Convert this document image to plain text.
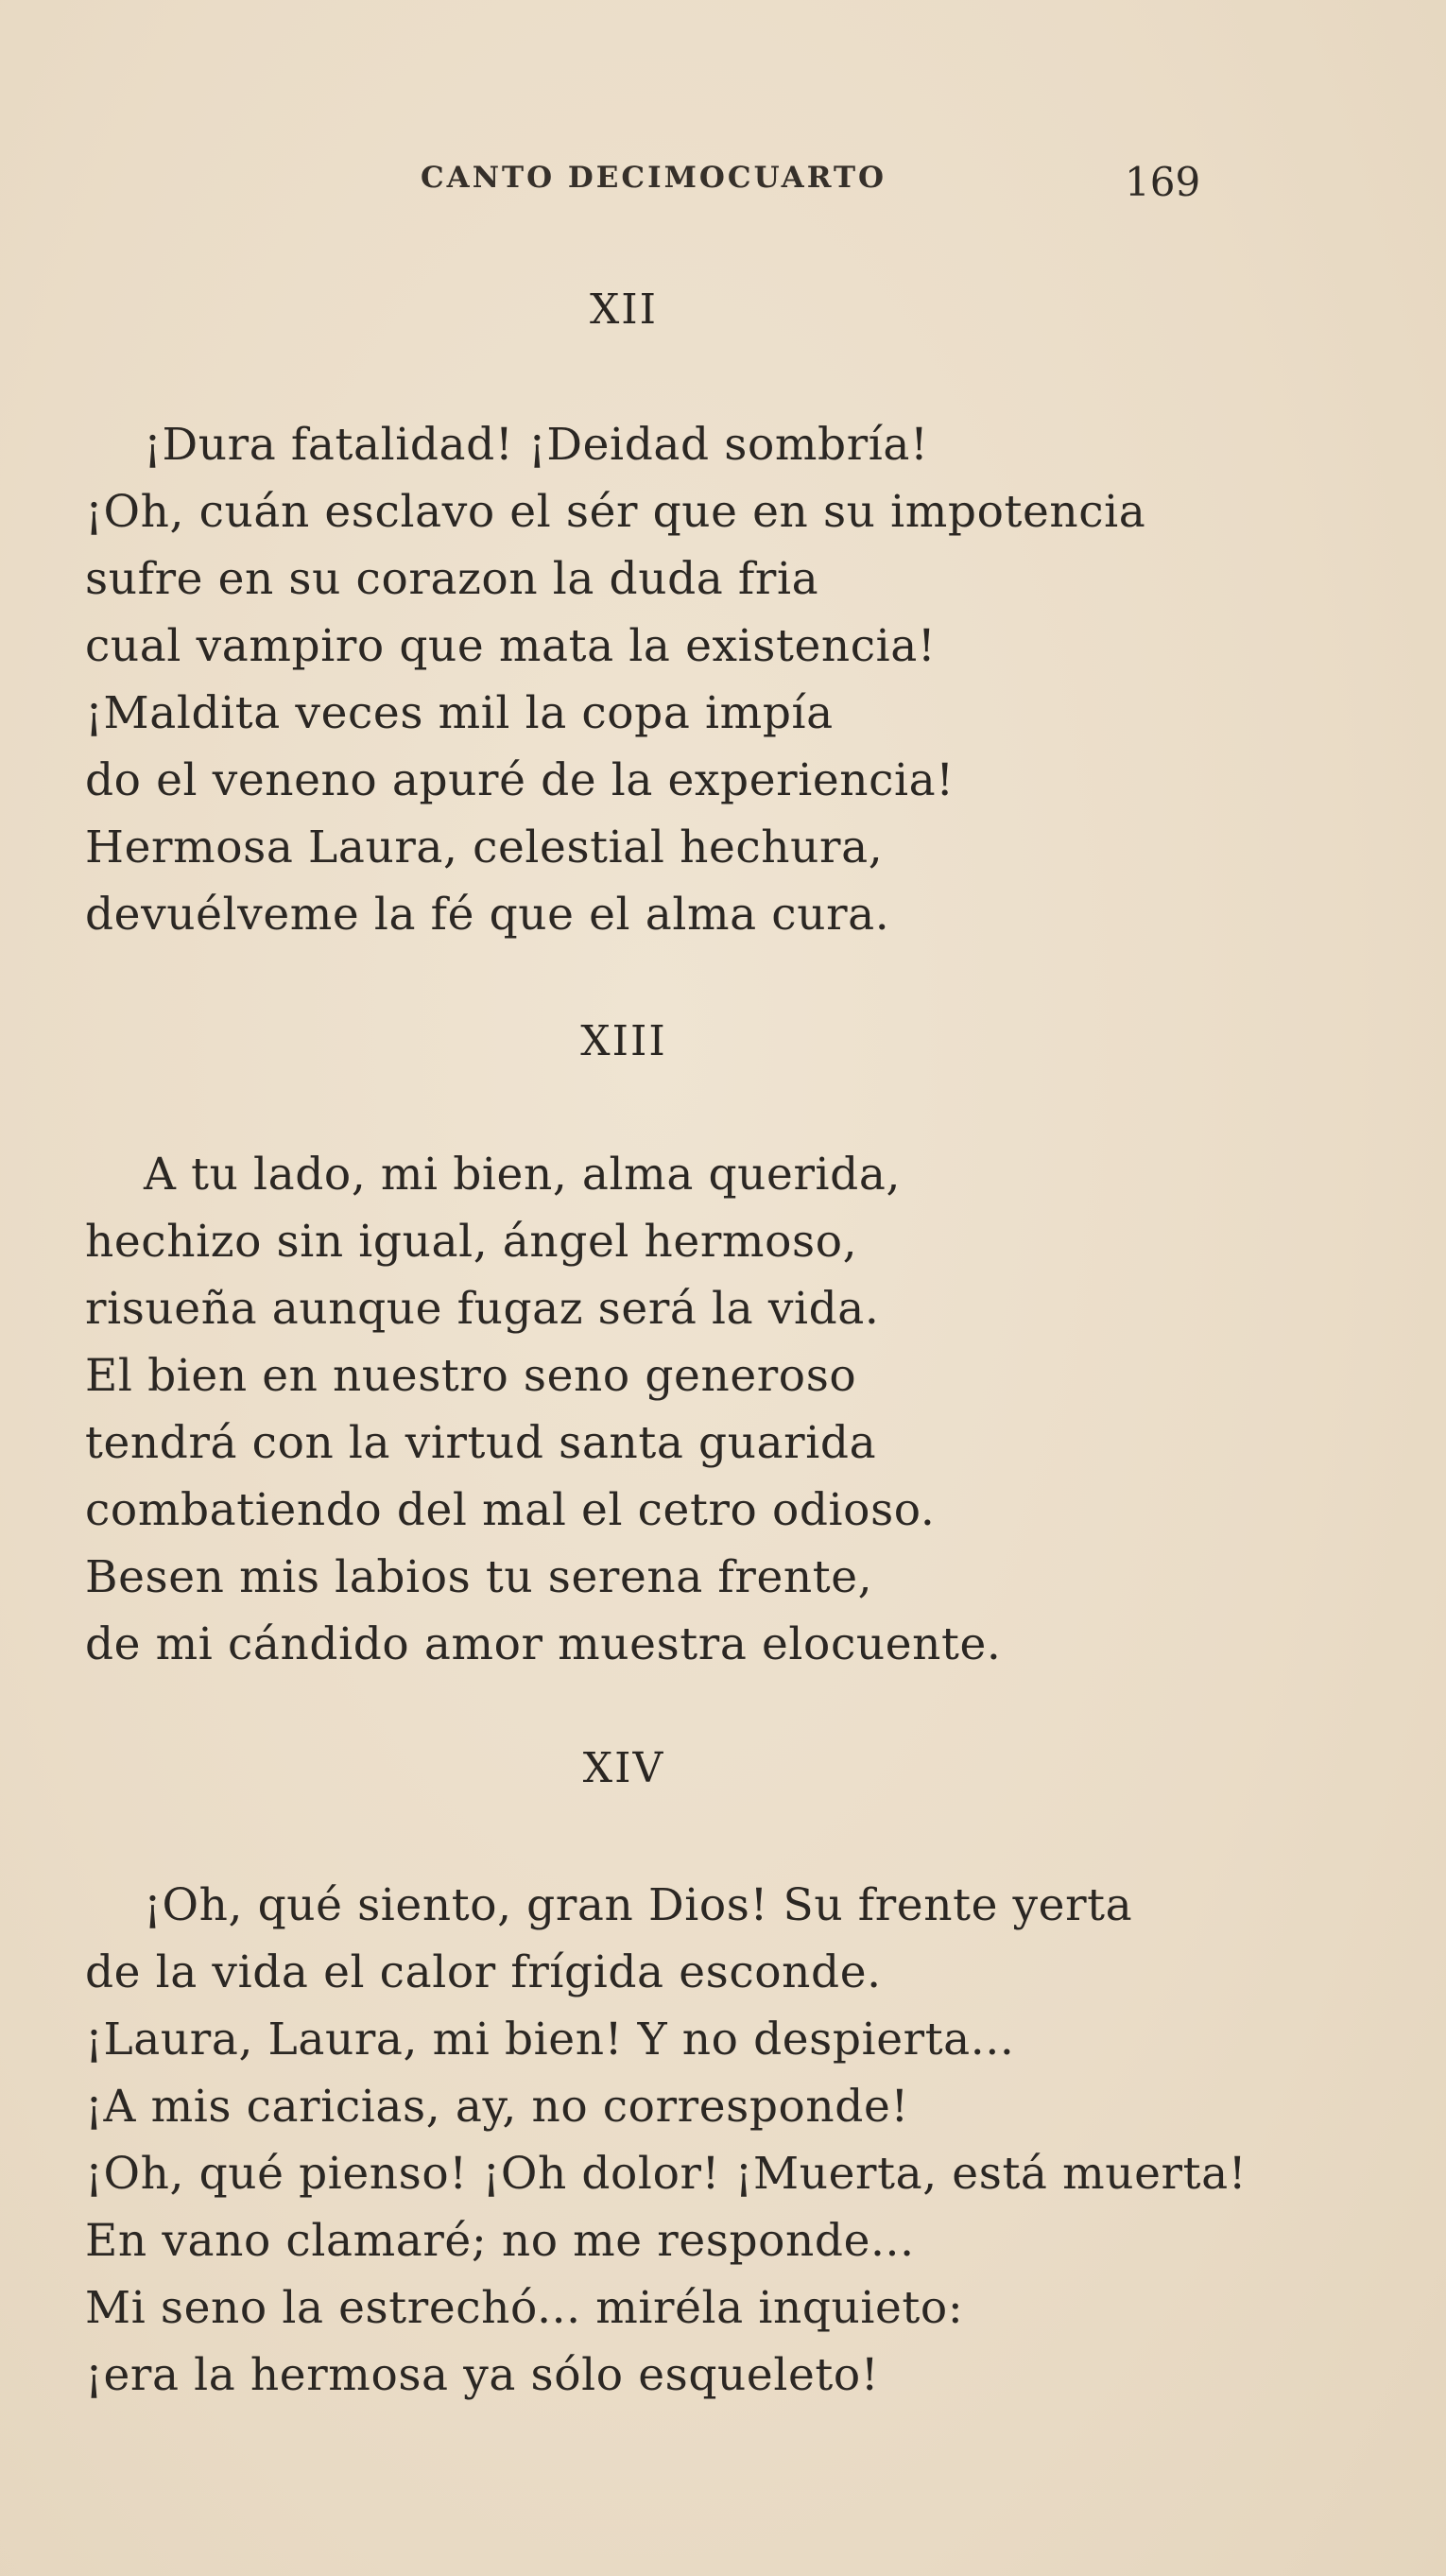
CANTO DECIMOCUARTO	169
XII
¡Dura fatalidad! ¡Deidad sombría!
¡Oh, cuán esclavo el sér que en su impotencia
sufre en su corazon la duda fria
cual vampiro que mata la existencia!
¡Maldita veces mil la copa impía
do el veneno apuré de la experiencia!
Hermosa Laura, celestial hechura,
devuélveme la fé que el alma cura.
XIII
A tu lado, mi bien, alma querida,
hechizo sin igual, ángel hermoso,
risueña aunque fugaz será la vida.
El bien en nuestro seno generoso
tendrá con la virtud santa guarida
combatiendo del mal el cetro odioso.
Besen mis labios tu serena frente,
de mi cándido amor muestra elocuente.
XIV
¡Oh, qué siento, gran Dios! Su frente yerta
de la vida el calor frígida esconde.
¡Laura, Laura, mi bien! Y no despierta...
¡A mis caricias, ay, no corresponde!
¡Oh, qué pienso! ¡Oh dolor! ¡Muerta, está muerta!
En vano clamaré; no me responde...
Mi seno la estrechó... miréla inquieto:
¡era la hermosa ya sólo esqueleto!
